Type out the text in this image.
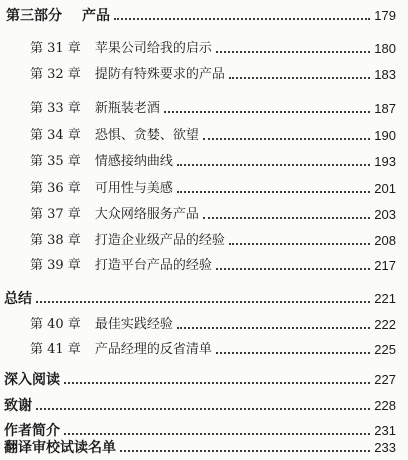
第三部分 产品	179
第 31 章 苹果公司给我的启示	180
第 32 章 提防有特殊要求的产品	183
第 33 章 新瓶装老酒	187
第 34 章 恐惧、贪婪、欲望	190
第 35 章 情感接纳曲线	193
第 36 章 可用性与美感	201
第 37 章 大众网络服务产品	203
第 38 章 打造企业级产品的经验	208
第 39 章 打造平台产品的经验	217
总结	221
第 40 章 最佳实践经验	222
第 41 章 产品经理的反省清单	225
深入阅读	227
致谢	228
作者简介	231
翻译审校试读名单	233
